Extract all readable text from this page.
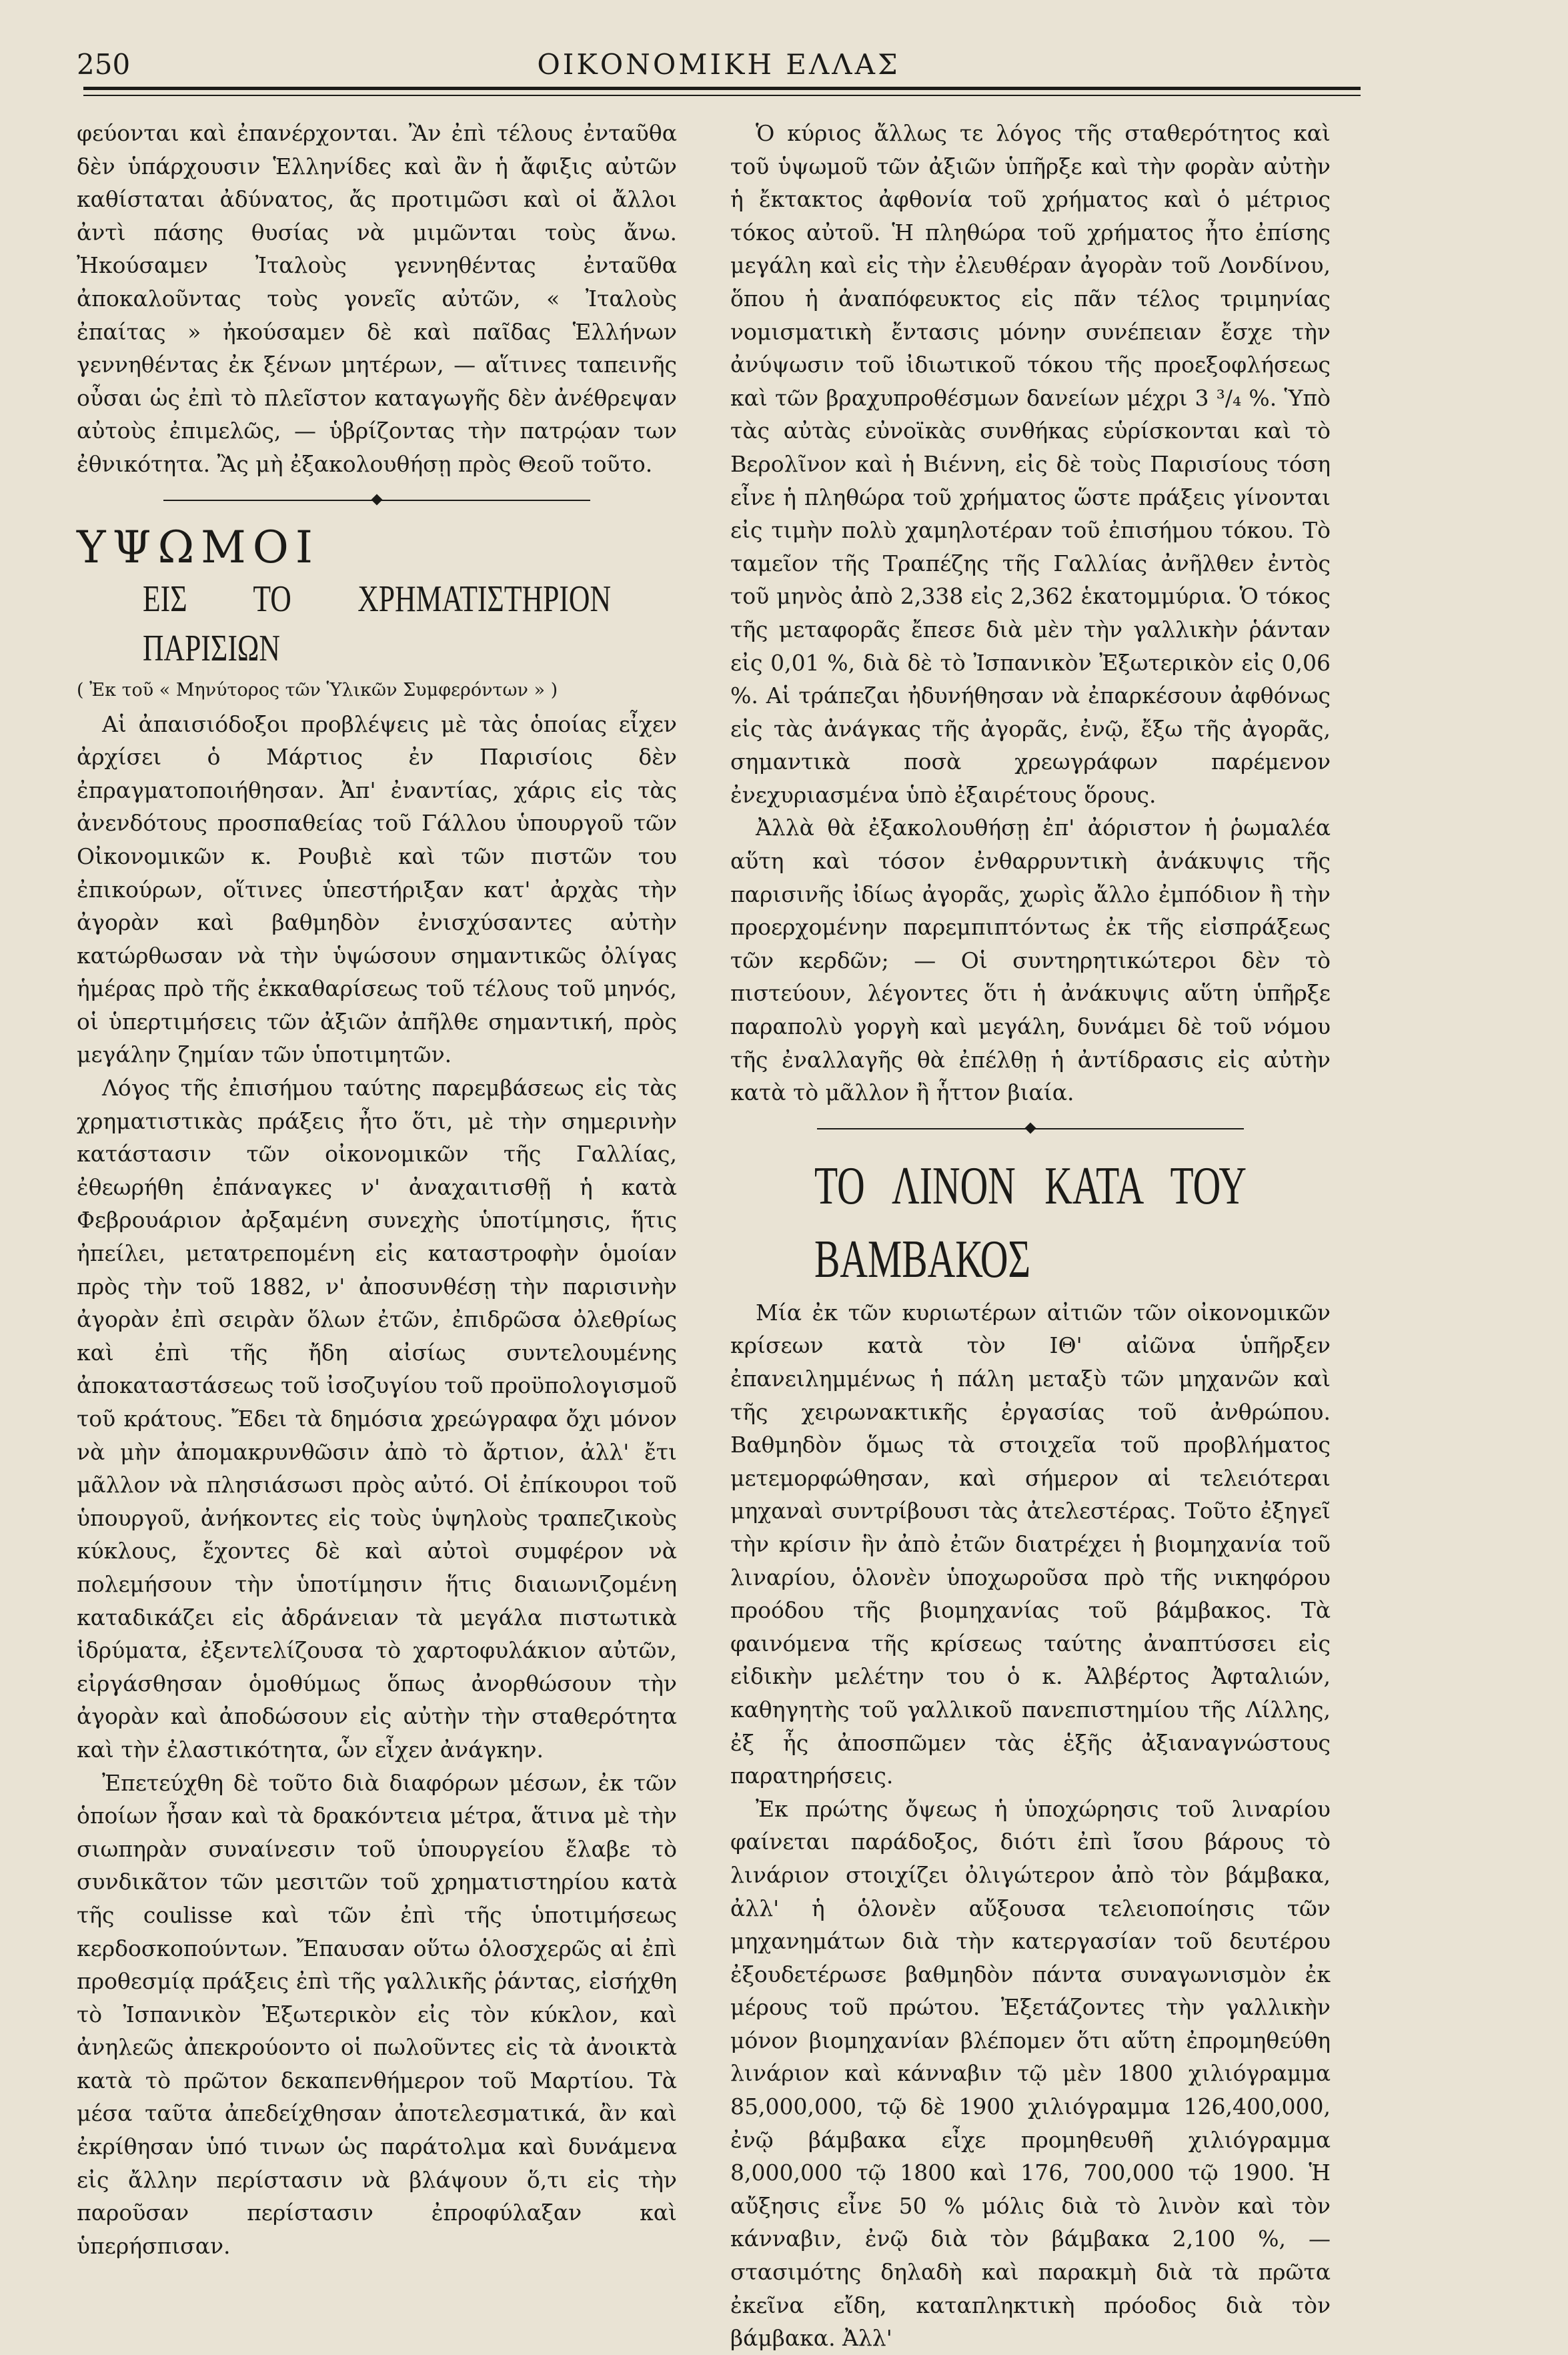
250	ΟΙΚΟΝΟΜΙΚΗ ΕΛΛΑΣ

φεύονται καὶ ἐπανέρχονται. Ἂν ἐπὶ τέλους ἐνταῦθα δὲν ὑπάρχουσιν Ἑλληνίδες καὶ ἂν ἡ ἄφιξις αὐτῶν καθίσταται ἀδύνατος, ἄς προτιμῶσι καὶ οἱ ἄλλοι ἀντὶ πάσης θυσίας νὰ μιμῶνται τοὺς ἄνω. Ἠκούσαμεν Ἰταλοὺς γεννηθέντας ἐνταῦθα ἀποκαλοῦντας τοὺς γονεῖς αὐτῶν, « Ἰταλοὺς ἐπαίτας » ἠκούσαμεν δὲ καὶ παῖδας Ἑλλήνων γεννηθέντας ἐκ ξένων μητέρων, — αἵτινες ταπεινῆς οὖσαι ὡς ἐπὶ τὸ πλεῖστον καταγωγῆς δὲν ἀνέθρεψαν αὐτοὺς ἐπιμελῶς, — ὑβρίζοντας τὴν πατρῴαν των ἐθνικότητα. Ἂς μὴ ἐξακολουθήσῃ πρὸς Θεοῦ τοῦτο.

ΥΨΩΜΟΙ

ΕΙΣ ΤΟ ΧΡΗΜΑΤΙΣΤΗΡΙΟΝ ΠΑΡΙΣΙΩΝ

( Ἐκ τοῦ « Μηνύτορος τῶν Ὑλικῶν Συμφερόντων » )

Αἱ ἀπαισιόδοξοι προβλέψεις μὲ τὰς ὁποίας εἶχεν ἀρχίσει ὁ Μάρτιος ἐν Παρισίοις δὲν ἐπραγματοποιήθησαν. Ἀπ' ἐναντίας, χάρις εἰς τὰς ἀνενδότους προσπαθείας τοῦ Γάλλου ὑπουργοῦ τῶν Οἰκονομικῶν κ. Ρουβιὲ καὶ τῶν πιστῶν του ἐπικούρων, οἵτινες ὑπεστήριξαν κατ' ἀρχὰς τὴν ἀγορὰν καὶ βαθμηδὸν ἐνισχύσαντες αὐτὴν κατώρθωσαν νὰ τὴν ὑψώσουν σημαντικῶς ὀλίγας ἡμέρας πρὸ τῆς ἐκκαθαρίσεως τοῦ τέλους τοῦ μηνός, οἱ ὑπερτιμήσεις τῶν ἀξιῶν ἀπῆλθε σημαντική, πρὸς μεγάλην ζημίαν τῶν ὑποτιμητῶν.

Λόγος τῆς ἐπισήμου ταύτης παρεμβάσεως εἰς τὰς χρηματιστικὰς πράξεις ἦτο ὅτι, μὲ τὴν σημερινὴν κατάστασιν τῶν οἰκονομικῶν τῆς Γαλλίας, ἐθεωρήθη ἐπάναγκες ν' ἀναχαιτισθῇ ἡ κατὰ Φεβρουάριον ἀρξαμένη συνεχὴς ὑποτίμησις, ἥτις ἠπείλει, μετατρεπομένη εἰς καταστροφὴν ὁμοίαν πρὸς τὴν τοῦ 1882, ν' ἀποσυνθέσῃ τὴν παρισινὴν ἀγορὰν ἐπὶ σειρὰν ὅλων ἐτῶν, ἐπιδρῶσα ὀλεθρίως καὶ ἐπὶ τῆς ἤδη αἰσίως συντελουμένης ἀποκαταστάσεως τοῦ ἰσοζυγίου τοῦ προϋπολογισμοῦ τοῦ κράτους. Ἔδει τὰ δημόσια χρεώγραφα ὄχι μόνον νὰ μὴν ἀπομακρυνθῶσιν ἀπὸ τὸ ἄρτιον, ἀλλ' ἔτι μᾶλλον νὰ πλησιάσωσι πρὸς αὐτό. Οἱ ἐπίκουροι τοῦ ὑπουργοῦ, ἀνήκοντες εἰς τοὺς ὑψηλοὺς τραπεζικοὺς κύκλους, ἔχοντες δὲ καὶ αὐτοὶ συμφέρον νὰ πολεμήσουν τὴν ὑποτίμησιν ἥτις διαιωνιζομένη καταδικάζει εἰς ἀδράνειαν τὰ μεγάλα πιστωτικὰ ἱδρύματα, ἐξεντελίζουσα τὸ χαρτοφυλάκιον αὐτῶν, εἰργάσθησαν ὁμοθύμως ὅπως ἀνορθώσουν τὴν ἀγορὰν καὶ ἀποδώσουν εἰς αὐτὴν τὴν σταθερότητα καὶ τὴν ἐλαστικότητα, ὧν εἶχεν ἀνάγκην.

Ἐπετεύχθη δὲ τοῦτο διὰ διαφόρων μέσων, ἐκ τῶν ὁποίων ἦσαν καὶ τὰ δρακόντεια μέτρα, ἅτινα μὲ τὴν σιωπηρὰν συναίνεσιν τοῦ ὑπουργείου ἔλαβε τὸ συνδικᾶτον τῶν μεσιτῶν τοῦ χρηματιστηρίου κατὰ τῆς coulisse καὶ τῶν ἐπὶ τῆς ὑποτιμήσεως κερδοσκοπούντων. Ἔπαυσαν οὕτω ὁλοσχερῶς αἱ ἐπὶ προθεσμίᾳ πράξεις ἐπὶ τῆς γαλλικῆς ῥάντας, εἰσήχθη τὸ Ἰσπανικὸν Ἐξωτερικὸν εἰς τὸν κύκλον, καὶ ἀνηλεῶς ἀπεκρούοντο οἱ πωλοῦντες εἰς τὰ ἀνοικτὰ κατὰ τὸ πρῶτον δεκαπενθήμερον τοῦ Μαρτίου. Τὰ μέσα ταῦτα ἀπεδείχθησαν ἀποτελεσματικά, ἂν καὶ ἐκρίθησαν ὑπό τινων ὡς παράτολμα καὶ δυνάμενα εἰς ἄλλην περίστασιν νὰ βλάψουν ὅ,τι εἰς τὴν παροῦσαν περίστασιν ἐπροφύλαξαν καὶ ὑπερήσπισαν.

Ὁ κύριος ἄλλως τε λόγος τῆς σταθερότητος καὶ τοῦ ὑψωμοῦ τῶν ἀξιῶν ὑπῆρξε καὶ τὴν φορὰν αὐτὴν ἡ ἔκτακτος ἀφθονία τοῦ χρήματος καὶ ὁ μέτριος τόκος αὐτοῦ. Ἡ πληθώρα τοῦ χρήματος ἦτο ἐπίσης μεγάλη καὶ εἰς τὴν ἐλευθέραν ἀγορὰν τοῦ Λονδίνου, ὅπου ἡ ἀναπόφευκτος εἰς πᾶν τέλος τριμηνίας νομισματικὴ ἔντασις μόνην συνέπειαν ἔσχε τὴν ἀνύψωσιν τοῦ ἰδιωτικοῦ τόκου τῆς προεξοφλήσεως καὶ τῶν βραχυπροθέσμων δανείων μέχρι 3 ³/₄ %. Ὑπὸ τὰς αὐτὰς εὐνοϊκὰς συνθήκας εὑρίσκονται καὶ τὸ Βερολῖνον καὶ ἡ Βιέννη, εἰς δὲ τοὺς Παρισίους τόση εἶνε ἡ πληθώρα τοῦ χρήματος ὥστε πράξεις γίνονται εἰς τιμὴν πολὺ χαμηλοτέραν τοῦ ἐπισήμου τόκου. Τὸ ταμεῖον τῆς Τραπέζης τῆς Γαλλίας ἀνῆλθεν ἐντὸς τοῦ μηνὸς ἀπὸ 2,338 εἰς 2,362 ἑκατομμύρια. Ὁ τόκος τῆς μεταφορᾶς ἔπεσε διὰ μὲν τὴν γαλλικὴν ῥάνταν εἰς 0,01 %, διὰ δὲ τὸ Ἰσπανικὸν Ἐξωτερικὸν εἰς 0,06 %. Αἱ τράπεζαι ἠδυνήθησαν νὰ ἐπαρκέσουν ἀφθόνως εἰς τὰς ἀνάγκας τῆς ἀγορᾶς, ἐνῷ, ἔξω τῆς ἀγορᾶς, σημαντικὰ ποσὰ χρεωγράφων παρέμενον ἐνεχυριασμένα ὑπὸ ἐξαιρέτους ὅρους.

Ἀλλὰ θὰ ἐξακολουθήσῃ ἐπ' ἀόριστον ἡ ῥωμαλέα αὕτη καὶ τόσον ἐνθαρρυντικὴ ἀνάκυψις τῆς παρισινῆς ἰδίως ἀγορᾶς, χωρὶς ἄλλο ἐμπόδιον ἢ τὴν προερχομένην παρεμπιπτόντως ἐκ τῆς εἰσπράξεως τῶν κερδῶν; — Οἱ συντηρητικώτεροι δὲν τὸ πιστεύουν, λέγοντες ὅτι ἡ ἀνάκυψις αὕτη ὑπῆρξε παραπολὺ γοργὴ καὶ μεγάλη, δυνάμει δὲ τοῦ νόμου τῆς ἐναλλαγῆς θὰ ἐπέλθῃ ἡ ἀντίδρασις εἰς αὐτὴν κατὰ τὸ μᾶλλον ἢ ἧττον βιαία.

ΤΟ ΛΙΝΟΝ ΚΑΤΑ ΤΟΥ ΒΑΜΒΑΚΟΣ

Μία ἐκ τῶν κυριωτέρων αἰτιῶν τῶν οἰκονομικῶν κρίσεων κατὰ τὸν ΙΘ' αἰῶνα ὑπῆρξεν ἐπανειλημμένως ἡ πάλη μεταξὺ τῶν μηχανῶν καὶ τῆς χειρωνακτικῆς ἐργασίας τοῦ ἀνθρώπου. Βαθμηδὸν ὅμως τὰ στοιχεῖα τοῦ προβλήματος μετεμορφώθησαν, καὶ σήμερον αἱ τελειότεραι μηχαναὶ συντρίβουσι τὰς ἀτελεστέρας. Τοῦτο ἐξηγεῖ τὴν κρίσιν ἣν ἀπὸ ἐτῶν διατρέχει ἡ βιομηχανία τοῦ λιναρίου, ὁλονὲν ὑποχωροῦσα πρὸ τῆς νικηφόρου προόδου τῆς βιομηχανίας τοῦ βάμβακος. Τὰ φαινόμενα τῆς κρίσεως ταύτης ἀναπτύσσει εἰς εἰδικὴν μελέτην του ὁ κ. Ἀλβέρτος Ἀφταλιών, καθηγητὴς τοῦ γαλλικοῦ πανεπιστημίου τῆς Λίλλης, ἐξ ἧς ἀποσπῶμεν τὰς ἑξῆς ἀξιαναγνώστους παρατηρήσεις.

Ἐκ πρώτης ὄψεως ἡ ὑποχώρησις τοῦ λιναρίου φαίνεται παράδοξος, διότι ἐπὶ ἴσου βάρους τὸ λινάριον στοιχίζει ὀλιγώτερον ἀπὸ τὸν βάμβακα, ἀλλ' ἡ ὁλονὲν αὔξουσα τελειοποίησις τῶν μηχανημάτων διὰ τὴν κατεργασίαν τοῦ δευτέρου ἐξουδετέρωσε βαθμηδὸν πάντα συναγωνισμὸν ἐκ μέρους τοῦ πρώτου. Ἐξετάζοντες τὴν γαλλικὴν μόνον βιομηχανίαν βλέπομεν ὅτι αὕτη ἐπρομηθεύθη λινάριον καὶ κάνναβιν τῷ μὲν 1800 χιλιόγραμμα 85,000,000, τῷ δὲ 1900 χιλιόγραμμα 126,400,000, ἐνῷ βάμβακα εἶχε προμηθευθῆ χιλιόγραμμα 8,000,000 τῷ 1800 καὶ 176, 700,000 τῷ 1900. Ἡ αὔξησις εἶνε 50 % μόλις διὰ τὸ λινὸν καὶ τὸν κάνναβιν, ἐνῷ διὰ τὸν βάμβακα 2,100 %, — στασιμότης δηλαδὴ καὶ παρακμὴ διὰ τὰ πρῶτα ἐκεῖνα εἴδη, καταπληκτικὴ πρόοδος διὰ τὸν βάμβακα. Ἀλλ'
